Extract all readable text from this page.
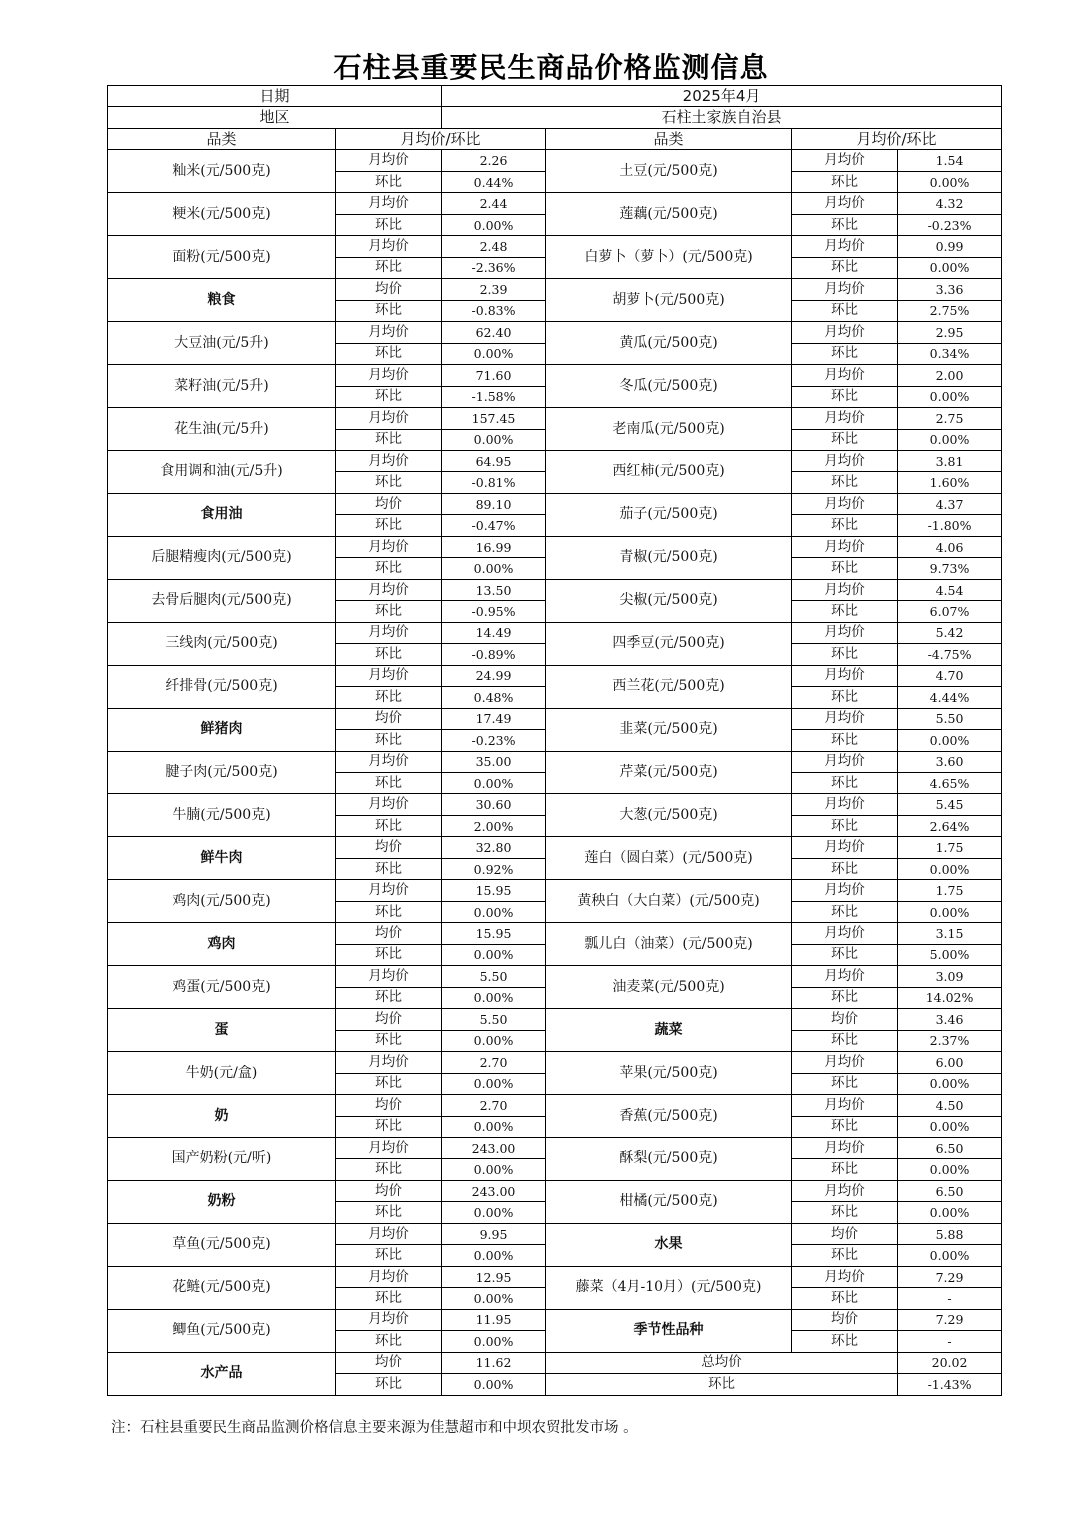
石柱县重要民生商品价格监测信息
日期		2025年4月			
地区		石柱土家族自治县			
品类	月均价/环比		品类	月均价/环比	
籼米(元/500克)	月均价	2.26	土豆(元/500克)	月均价	1.54
	环比	0.44%		环比	0.00%
粳米(元/500克)	月均价	2.44	莲藕(元/500克)	月均价	4.32
	环比	0.00%		环比	-0.23%
面粉(元/500克)	月均价	2.48	白萝卜（萝卜）(元/500克)	月均价	0.99
	环比	-2.36%		环比	0.00%
粮食	均价	2.39	胡萝卜(元/500克)	月均价	3.36
	环比	-0.83%		环比	2.75%
大豆油(元/5升)	月均价	62.40	黄瓜(元/500克)	月均价	2.95
	环比	0.00%		环比	0.34%
菜籽油(元/5升)	月均价	71.60	冬瓜(元/500克)	月均价	2.00
	环比	-1.58%		环比	0.00%
花生油(元/5升)	月均价	157.45	老南瓜(元/500克)	月均价	2.75
	环比	0.00%		环比	0.00%
食用调和油(元/5升)	月均价	64.95	西红柿(元/500克)	月均价	3.81
	环比	-0.81%		环比	1.60%
食用油	均价	89.10	茄子(元/500克)	月均价	4.37
	环比	-0.47%		环比	-1.80%
后腿精瘦肉(元/500克)	月均价	16.99	青椒(元/500克)	月均价	4.06
	环比	0.00%		环比	9.73%
去骨后腿肉(元/500克)	月均价	13.50	尖椒(元/500克)	月均价	4.54
	环比	-0.95%		环比	6.07%
三线肉(元/500克)	月均价	14.49	四季豆(元/500克)	月均价	5.42
	环比	-0.89%		环比	-4.75%
纤排骨(元/500克)	月均价	24.99	西兰花(元/500克)	月均价	4.70
	环比	0.48%		环比	4.44%
鲜猪肉	均价	17.49	韭菜(元/500克)	月均价	5.50
	环比	-0.23%		环比	0.00%
腱子肉(元/500克)	月均价	35.00	芹菜(元/500克)	月均价	3.60
	环比	0.00%		环比	4.65%
牛腩(元/500克)	月均价	30.60	大葱(元/500克)	月均价	5.45
	环比	2.00%		环比	2.64%
鲜牛肉	均价	32.80	莲白（圆白菜）(元/500克)	月均价	1.75
	环比	0.92%		环比	0.00%
鸡肉(元/500克)	月均价	15.95	黄秧白（大白菜）(元/500克)	月均价	1.75
	环比	0.00%		环比	0.00%
鸡肉	均价	15.95	瓢儿白（油菜）(元/500克)	月均价	3.15
	环比	0.00%		环比	5.00%
鸡蛋(元/500克)	月均价	5.50	油麦菜(元/500克)	月均价	3.09
	环比	0.00%		环比	14.02%
蛋	均价	5.50	蔬菜	均价	3.46
	环比	0.00%		环比	2.37%
牛奶(元/盒)	月均价	2.70	苹果(元/500克)	月均价	6.00
	环比	0.00%		环比	0.00%
奶	均价	2.70	香蕉(元/500克)	月均价	4.50
	环比	0.00%		环比	0.00%
国产奶粉(元/听)	月均价	243.00	酥梨(元/500克)	月均价	6.50
	环比	0.00%		环比	0.00%
奶粉	均价	243.00	柑橘(元/500克)	月均价	6.50
	环比	0.00%		环比	0.00%
草鱼(元/500克)	月均价	9.95	水果	均价	5.88
	环比	0.00%		环比	0.00%
花鲢(元/500克)	月均价	12.95	藤菜（4月-10月）(元/500克)	月均价	7.29
	环比	0.00%		环比	-
鲫鱼(元/500克)	月均价	11.95	季节性品种	均价	7.29
	环比	0.00%		环比	-
水产品	均价	11.62	总均价		20.02
	环比	0.00%	环比		-1.43%
注：石柱县重要民生商品监测价格信息主要来源为佳慧超市和中坝农贸批发市场 。
